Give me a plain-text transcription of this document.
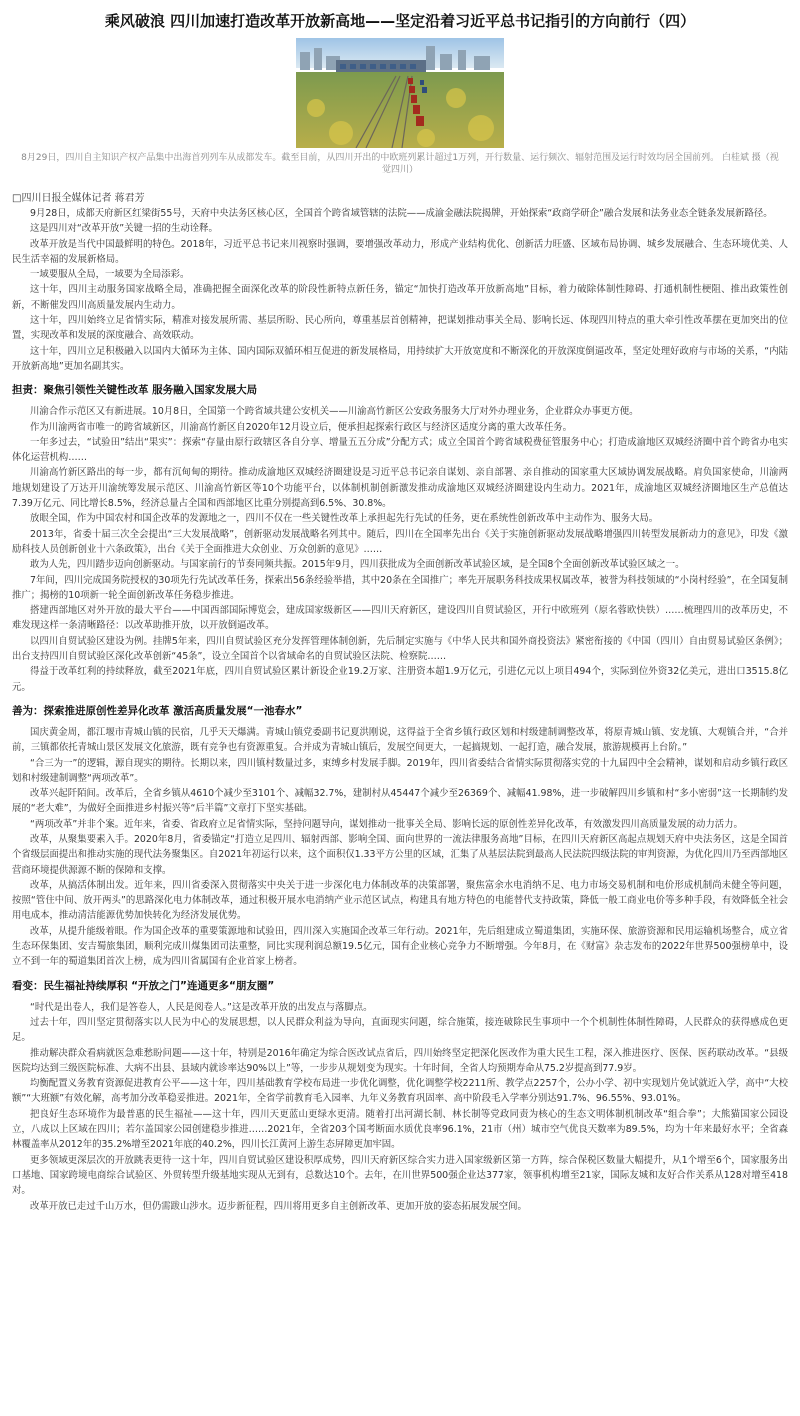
乘风破浪 四川加速打造改革开放新高地——坚定沿着习近平总书记指引的方向前行（四）

8月29日，四川自主知识产权产品集中出海首列列车从成都发车。截至目前，从四川开出的中欧班列累计超过1万列，开行数量、运行频次、辐射范围及运行时效均居全国前列。 白桂斌 摄（视觉四川）

□四川日报全媒体记者 蒋君芳

9月28日，成都天府新区红梁街55号，天府中央法务区核心区，全国首个跨省域管辖的法院——成渝金融法院揭牌，开始探索“政商学研企”融合发展和法务业态全链条发展新路径。

这是四川对“改革开放”关键一招的生动诠释。

改革开放是当代中国最鲜明的特色。2018年，习近平总书记来川视察时强调，要增强改革动力，形成产业结构优化、创新活力旺盛、区域布局协调、城乡发展融合、生态环境优美、人民生活幸福的发展新格局。

一域要服从全局，一域要为全局添彩。

这十年，四川主动服务国家战略全局，准确把握全面深化改革的阶段性新特点新任务，锚定“加快打造改革开放新高地”目标，着力破除体制性障碍、打通机制性梗阻、推出政策性创新，不断催发四川高质量发展内生动力。

这十年，四川始终立足省情实际，精准对接发展所需、基层所盼、民心所向，尊重基层首创精神，把谋划推动事关全局、影响长远、体现四川特点的重大牵引性改革摆在更加突出的位置，实现改革和发展的深度融合、高效联动。

这十年，四川立足积极融入以国内大循环为主体、国内国际双循环相互促进的新发展格局，用持续扩大开放宽度和不断深化的开放深度倒逼改革，坚定处理好政府与市场的关系，“内陆开放新高地”更加名副其实。

担责：聚焦引领性关键性改革 服务融入国家发展大局

川渝合作示范区又有新进展。10月8日，全国第一个跨省域共建公安机关——川渝高竹新区公安政务服务大厅对外办理业务，企业群众办事更方便。

作为川渝两省市唯一的跨省域新区，川渝高竹新区自2020年12月设立后，便承担起探索行政区与经济区适度分离的重大改革任务。

一年多过去，“试验田”结出“果实”：探索“存量由原行政辖区各自分享、增量五五分成”分配方式；成立全国首个跨省域税费征管服务中心；打造成渝地区双城经济圈中首个跨省办电实体化运营机构……

川渝高竹新区路出的每一步，都有沉甸甸的期待。推动成渝地区双城经济圈建设是习近平总书记亲自谋划、亲自部署、亲自推动的国家重大区域协调发展战略。肩负国家使命，川渝两地规划建设了万达开川渝统筹发展示范区、川渝高竹新区等10个功能平台，以体制机制创新激发推动成渝地区双城经济圈建设内生动力。2021年，成渝地区双城经济圈地区生产总值达7.39万亿元、同比增长8.5%，经济总量占全国和西部地区比重分别提高到6.5%、30.8%。

放眼全国，作为中国农村和国企改革的发源地之一，四川不仅在一些关键性改革上承担起先行先试的任务，更在系统性创新改革中主动作为、服务大局。

2013年，省委十届三次全会提出“三大发展战略”，创新驱动发展战略名列其中。随后，四川在全国率先出台《关于实施创新驱动发展战略增强四川转型发展新动力的意见》，印发《激励科技人员创新创业十六条政策》，出台《关于全面推进大众创业、万众创新的意见》……

敢为人先，四川踏步迈向创新驱动。与国家前行的节奏同频共振。2015年9月，四川获批成为全面创新改革试验区域，是全国8个全面创新改革试验区域之一。

7年间，四川完成国务院授权的30项先行先试改革任务，探索出56条经验举措，其中20条在全国推广；率先开展职务科技成果权属改革，被誉为科技领域的“小岗村经验”，在全国复制推广；揭榜的10项新一轮全面创新改革任务稳步推进。

搭建西部地区对外开放的最大平台——中国西部国际博览会，建成国家级新区——四川天府新区，建设四川自贸试验区，开行中欧班列（原名蓉欧快铁）……梳理四川的改革历史，不难发现这样一条清晰路径：以改革助推开放，以开放倒逼改革。

以四川自贸试验区建设为例。挂牌5年来，四川自贸试验区充分发挥管理体制创新，先后制定实施与《中华人民共和国外商投资法》紧密衔接的《中国（四川）自由贸易试验区条例》；出台支持四川自贸试验区深化改革创新“45条”，设立全国首个以省域命名的自贸试验区法院、检察院……

得益于改革红利的持续释放，截至2021年底，四川自贸试验区累计新设企业19.2万家、注册资本超1.9万亿元，引进亿元以上项目494个，实际到位外资32亿美元，进出口3515.8亿元。

善为：探索推进原创性差异化改革 激活高质量发展“一池春水”

国庆黄金周，都江堰市青城山镇的民宿，几乎天天爆满。青城山镇党委副书记夏洪刚说，这得益于全省乡镇行政区划和村级建制调整改革，将原青城山镇、安龙镇、大观镇合并，“合并前，三镇都依托青城山景区发展文化旅游，既有竞争也有资源重复。合并成为青城山镇后，发展空间更大，一起搞规划、一起打造，融合发展，旅游规模再上台阶。”

“合三为一”的逻辑，源自现实的期待。长期以来，四川镇村数量过多，束缚乡村发展手脚。2019年，四川省委结合省情实际贯彻落实党的十九届四中全会精神，谋划和启动乡镇行政区划和村级建制调整“两项改革”。

改革兴起阡陌间。改革后，全省乡镇从4610个减少至3101个、减幅32.7%，建制村从45447个减少至26369个、减幅41.98%，进一步破解四川乡镇和村“多小密弱”这一长期制约发展的“老大难”，为做好全面推进乡村振兴等“后半篇”文章打下坚实基础。

“两项改革”并非个案。近年来，省委、省政府立足省情实际，坚持问题导向，谋划推动一批事关全局、影响长远的原创性差异化改革，有效激发四川高质量发展的动力活力。

改革，从聚集要素入手。2020年8月，省委锚定“打造立足四川、辐射西部、影响全国、面向世界的一流法律服务高地”目标，在四川天府新区高起点规划天府中央法务区，这是全国首个省级层面提出和推动实施的现代法务聚集区。自2021年初运行以来，这个面积仅1.33平方公里的区域，汇集了从基层法院到最高人民法院四级法院的审判资源，为优化四川乃至西部地区营商环境提供源源不断的保障和支撑。

改革，从搞活体制出发。近年来，四川省委深入贯彻落实中央关于进一步深化电力体制改革的决策部署，聚焦富余水电消纳不足、电力市场交易机制和电价形成机制尚未健全等问题，按照“管住中间、放开两头”的思路深化电力体制改革，通过积极开展水电消纳产业示范区试点，构建具有地方特色的电能替代支持政策，降低一般工商业电价等多种手段，有效降低全社会用电成本，推动清洁能源优势加快转化为经济发展优势。

改革，从提升能级着眼。作为国企改革的重要策源地和试验田，四川深入实施国企改革三年行动。2021年，先后组建成立蜀道集团，实施环保、旅游资源和民用运输机场整合，成立省生态环保集团、安吉蜀旅集团，顺利完成川煤集团司法重整，同比实现利润总额19.5亿元，国有企业核心竞争力不断增强。今年8月，在《财富》杂志发布的2022年世界500强榜单中，设立不到一年的蜀道集团首次上榜，成为四川省属国有企业首家上榜者。

看变：民生福祉持续厚积 “开放之门”连通更多“朋友圈”

“时代是出卷人，我们是答卷人，人民是阅卷人。”这是改革开放的出发点与落脚点。

过去十年，四川坚定贯彻落实以人民为中心的发展思想，以人民群众利益为导向，直面现实问题，综合施策，接连破除民生事项中一个个机制性体制性障碍，人民群众的获得感成色更足。

推动解决群众看病就医急难愁盼问题——这十年，特别是2016年确定为综合医改试点省后，四川始终坚定把深化医改作为重大民生工程，深入推进医疗、医保、医药联动改革。“县级医院均达到三级医院标准、大病不出县、县域内就诊率达90%以上”等，一步步从规划变为现实。十年时间，全省人均预期寿命从75.2岁提高到77.9岁。

均衡配置义务教育资源促进教育公平——这十年，四川基础教育学校布局进一步优化调整，优化调整学校2211所、教学点2257个，公办小学、初中实现划片免试就近入学，高中“大校额”“大班额”有效化解，高考加分改革稳妥推进。2021年，全省学前教育毛入园率、九年义务教育巩固率、高中阶段毛入学率分别达91.7%、96.55%、93.01%。

把良好生态环境作为最普惠的民生福祉——这十年，四川天更蓝山更绿水更清。随着打出河湖长制、林长制等党政同责为核心的生态文明体制机制改革“组合拳”；大熊猫国家公园设立，八成以上区域在四川；若尔盖国家公园创建稳步推进……2021年，全省203个国考断面水质优良率96.1%，21市（州）城市空气优良天数率为89.5%，均为十年来最好水平；全省森林覆盖率从2012年的35.2%增至2021年底的40.2%，四川长江黄河上游生态屏障更加牢固。

更多领域更深层次的开放跳表更待一这十年，四川自贸试验区建设积厚成势，四川天府新区综合实力进入国家级新区第一方阵，综合保税区数量大幅提升，从1个增至6个，国家服务出口基地、国家跨境电商综合试验区、外贸转型升级基地实现从无到有，总数达10个。去年，在川世界500强企业达377家，领事机构增至21家，国际友城和友好合作关系从128对增至418对。

改革开放已走过千山万水，但仍需跋山涉水。迈步新征程，四川将用更多自主创新改革、更加开放的姿态拓展发展空间。
